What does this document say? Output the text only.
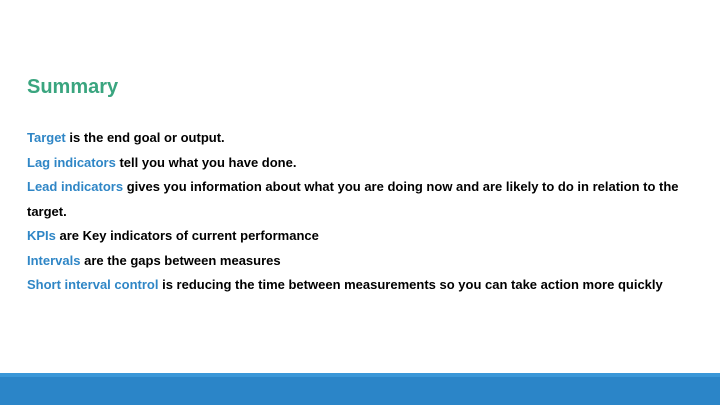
Summary
Target is the end goal or output.
Lag indicators tell you what you have done.
Lead indicators gives you information about what you are doing now and are likely to do in relation to the target.
KPIs are Key indicators of current performance
Intervals are the gaps between measures
Short interval control is reducing the time between measurements so you can take action more quickly
